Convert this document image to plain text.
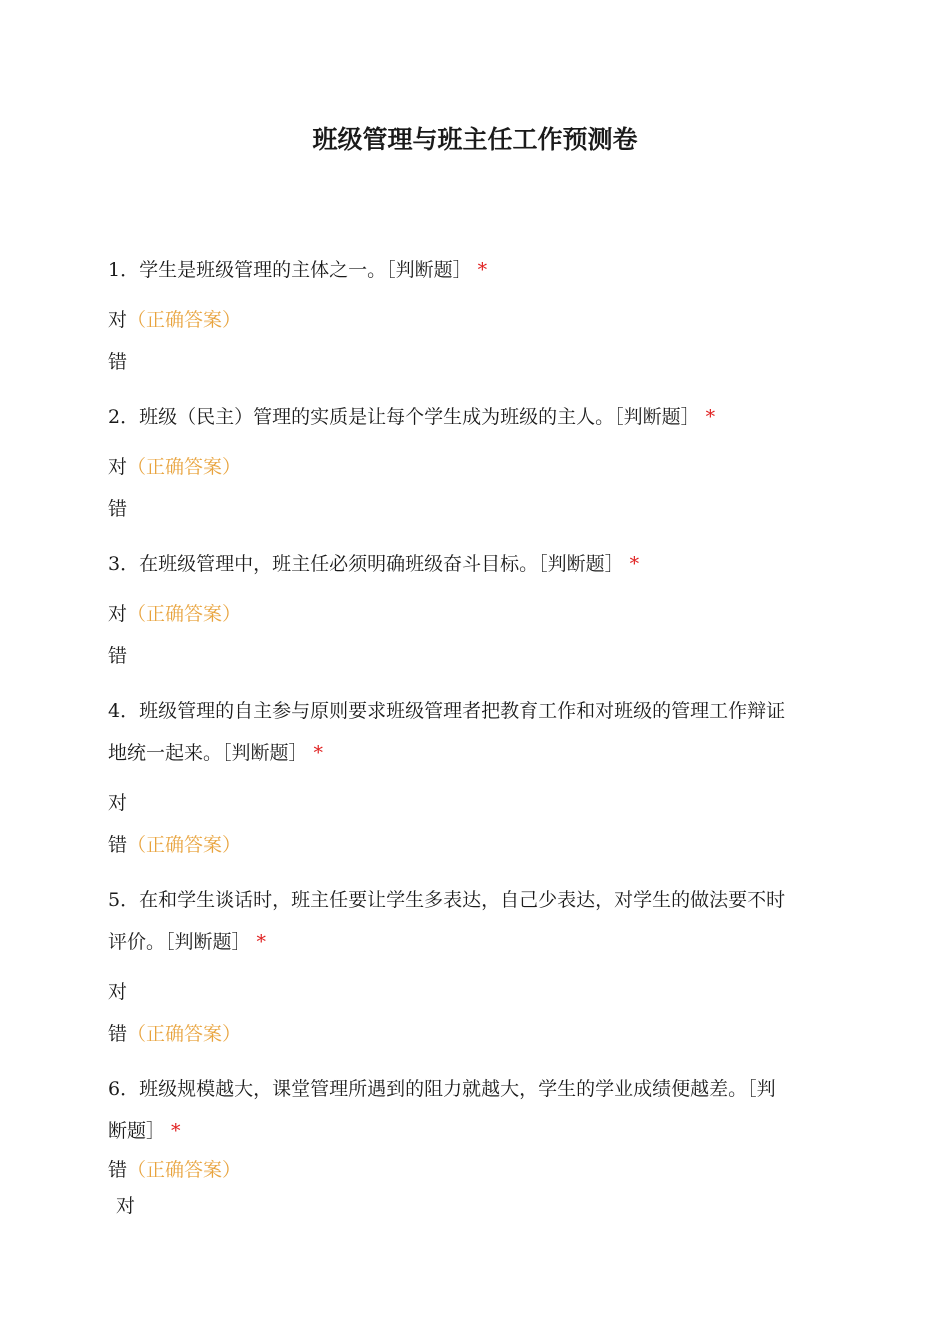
班级管理与班主任工作预测卷
1．学生是班级管理的主体之一。［判断题］ *
对（正确答案）
错
2．班级（民主）管理的实质是让每个学生成为班级的主人。［判断题］ *
对（正确答案）
错
3．在班级管理中，班主任必须明确班级奋斗目标。［判断题］ *
对（正确答案）
错
4．班级管理的自主参与原则要求班级管理者把教育工作和对班级的管理工作辩证
地统一起来。［判断题］ *
对
错（正确答案）
5．在和学生谈话时，班主任要让学生多表达，自己少表达，对学生的做法要不时
评价。［判断题］ *
对
错（正确答案）
6．班级规模越大，课堂管理所遇到的阻力就越大，学生的学业成绩便越差。［判
断题］ *
错（正确答案）
对
